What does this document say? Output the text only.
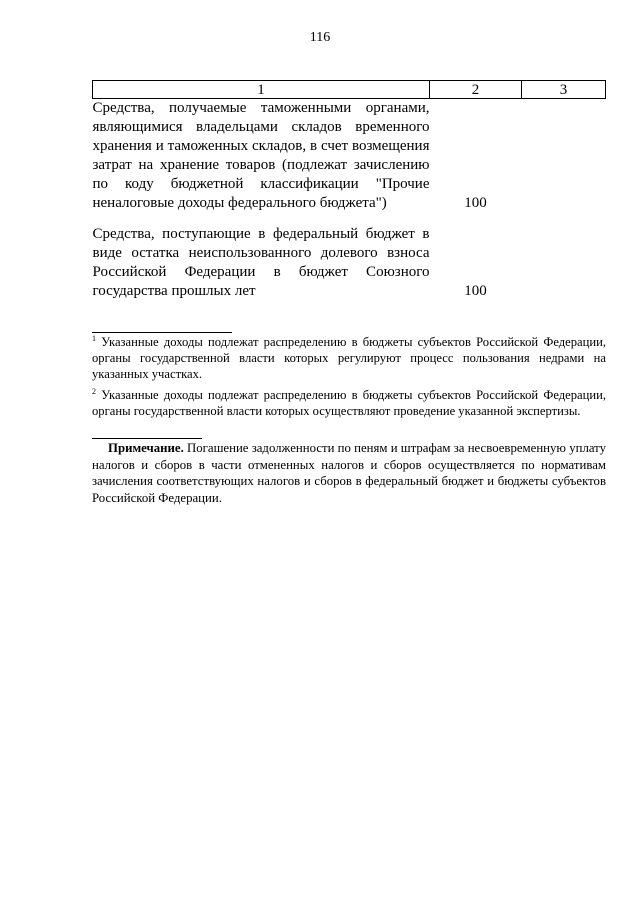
116
1	2	3
Средства, получаемые таможенными органами, являющимися владельцами складов временного хранения и таможенных складов, в счет возмещения затрат на хранение товаров (подлежат зачислению по коду бюджетной классификации "Прочие неналоговые доходы федерального бюджета")	100	
Средства, поступающие в федеральный бюджет в виде остатка неиспользованного долевого взноса Российской Федерации в бюджет Союзного государства прошлых лет	100	

$^1$ Указанные доходы подлежат распределению в бюджеты субъектов Российской Федерации, органы государственной власти которых регулируют процесс пользования недрами на указанных участках.

$^2$ Указанные доходы подлежат распределению в бюджеты субъектов Российской Федерации, органы государственной власти которых осуществляют проведение указанной экспертизы.

Примечание. Погашение задолженности по пеням и штрафам за несвоевременную уплату налогов и сборов в части отмененных налогов и сборов осуществляется по нормативам зачисления соответствующих налогов и сборов в федеральный бюджет и бюджеты субъектов Российской Федерации.
